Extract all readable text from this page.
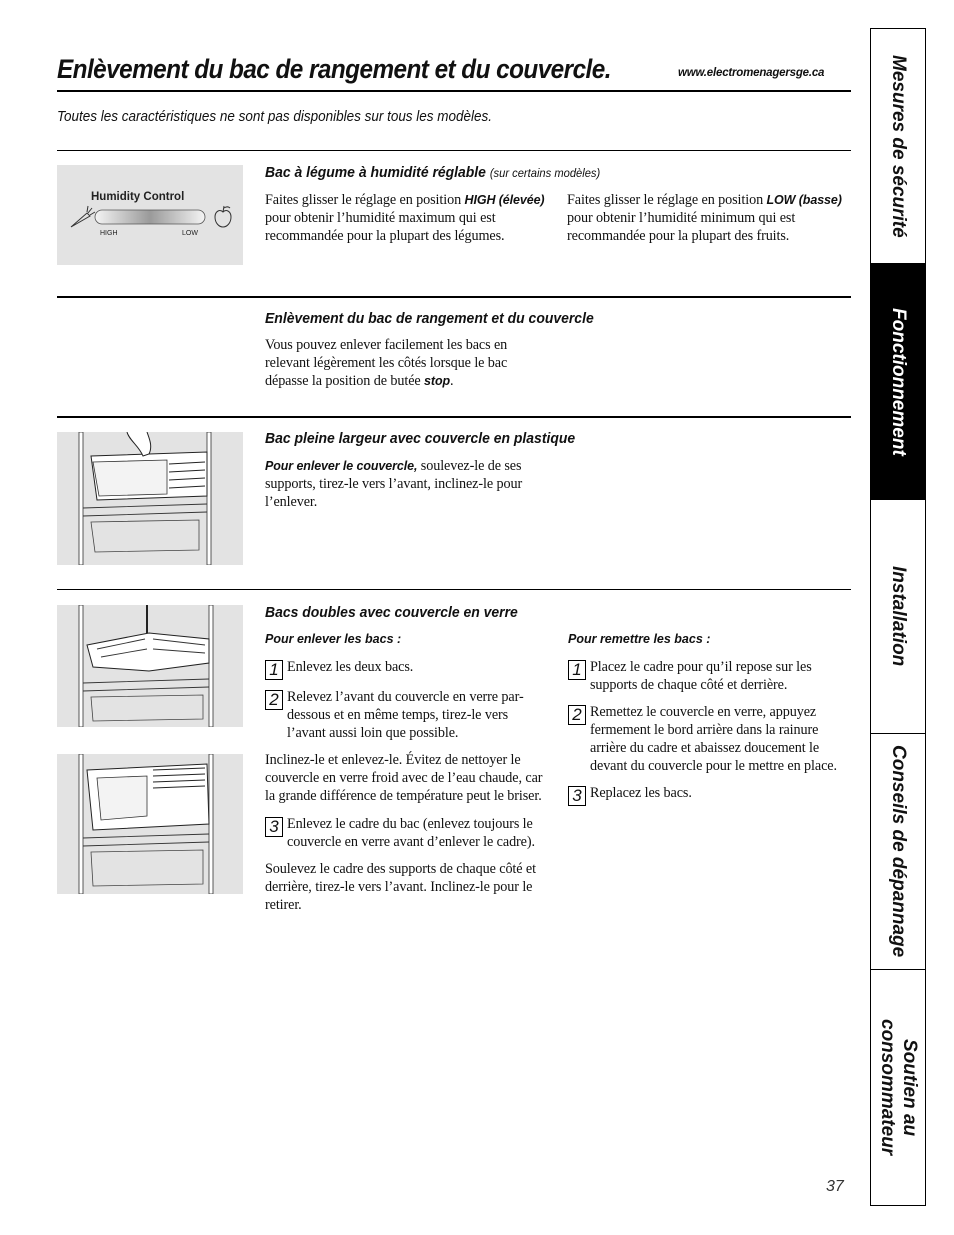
Enlèvement du bac de rangement et du couvercle.	www.electromenagersge.ca
Toutes les caractéristiques ne sont pas disponibles sur tous les modèles.
Humidity Control
HIGH	LOW
Bac à légume à humidité réglable (sur certains modèles)
Faites glisser le réglage en position HIGH (élevée) pour obtenir l’humidité maximum qui est recommandée pour la plupart des légumes.
Faites glisser le réglage en position LOW (basse) pour obtenir l’humidité minimum qui est recommandée pour la plupart des fruits.
Enlèvement du bac de rangement et du couvercle
Vous pouvez enlever facilement les bacs en relevant légèrement les côtés lorsque le bac dépasse la position de butée stop.
Bac pleine largeur avec couvercle en plastique
Pour enlever le couvercle, soulevez-le de ses supports, tirez-le vers l’avant, inclinez-le pour l’enlever.
Bacs doubles avec couvercle en verre
Pour enlever les bacs :
1 Enlevez les deux bacs.
2 Relevez l’avant du couvercle en verre par-dessous et en même temps, tirez-le vers l’avant aussi loin que possible.
Inclinez-le et enlevez-le. Évitez de nettoyer le couvercle en verre froid avec de l’eau chaude, car la grande différence de température peut le briser.
3 Enlevez le cadre du bac (enlevez toujours le couvercle en verre avant d’enlever le cadre).
Soulevez le cadre des supports de chaque côté et derrière, tirez-le vers l’avant. Inclinez-le pour le retirer.
Pour remettre les bacs :
1 Placez le cadre pour qu’il repose sur les supports de chaque côté et derrière.
2 Remettez le couvercle en verre, appuyez fermement le bord arrière dans la rainure arrière du cadre et abaissez doucement le devant du couvercle pour le mettre en place.
3 Replacez les bacs.
Mesures de sécurité
Fonctionnement
Installation
Conseils de dépannage
Soutien au
consommateur
37
